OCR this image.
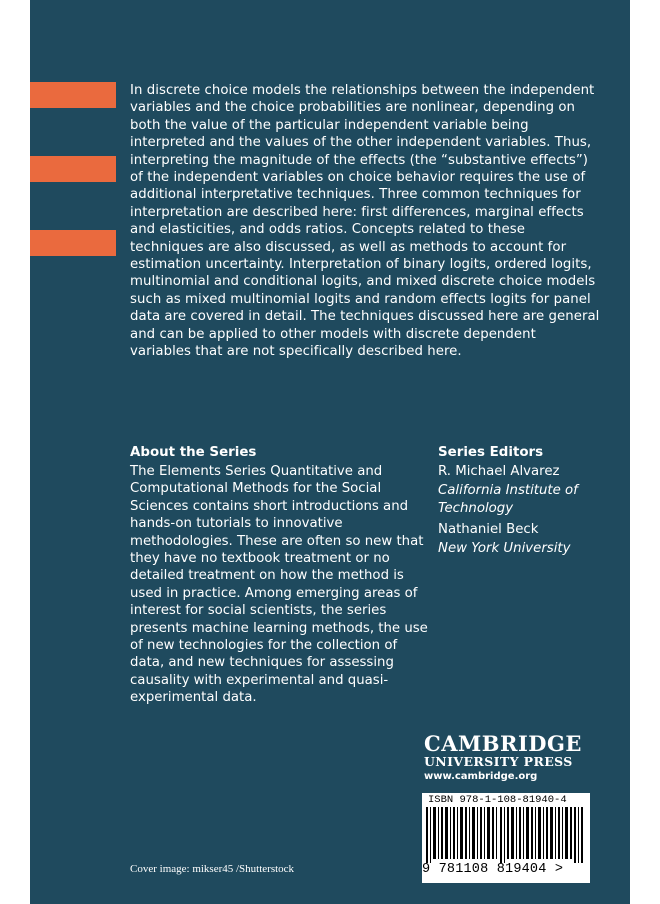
In discrete choice models the relationships between the independent variables and the choice probabilities are nonlinear, depending on both the value of the particular independent variable being interpreted and the values of the other independent variables. Thus, interpreting the magnitude of the effects (the “substantive effects”) of the independent variables on choice behavior requires the use of additional interpretative techniques. Three common techniques for interpretation are described here: first differences, marginal effects and elasticities, and odds ratios. Concepts related to these techniques are also discussed, as well as methods to account for estimation uncertainty. Interpretation of binary logits, ordered logits, multinomial and conditional logits, and mixed discrete choice models such as mixed multinomial logits and random effects logits for panel data are covered in detail. The techniques discussed here are general and can be applied to other models with discrete dependent variables that are not specifically described here.

About the Series

The Elements Series Quantitative and Computational Methods for the Social Sciences contains short introductions and hands-on tutorials to innovative methodologies. These are often so new that they have no textbook treatment or no detailed treatment on how the method is used in practice. Among emerging areas of interest for social scientists, the series presents machine learning methods, the use of new technologies for the collection of data, and new techniques for assessing causality with experimental and quasi-experimental data.

Series Editors
R. Michael Alvarez
California Institute of Technology
Nathaniel Beck
New York University
CAMBRIDGE
UNIVERSITY PRESS
www.cambridge.org
ISBN 978-1-108-81940-4
9 781108 819404 >
Cover image: mikser45 /Shutterstock
